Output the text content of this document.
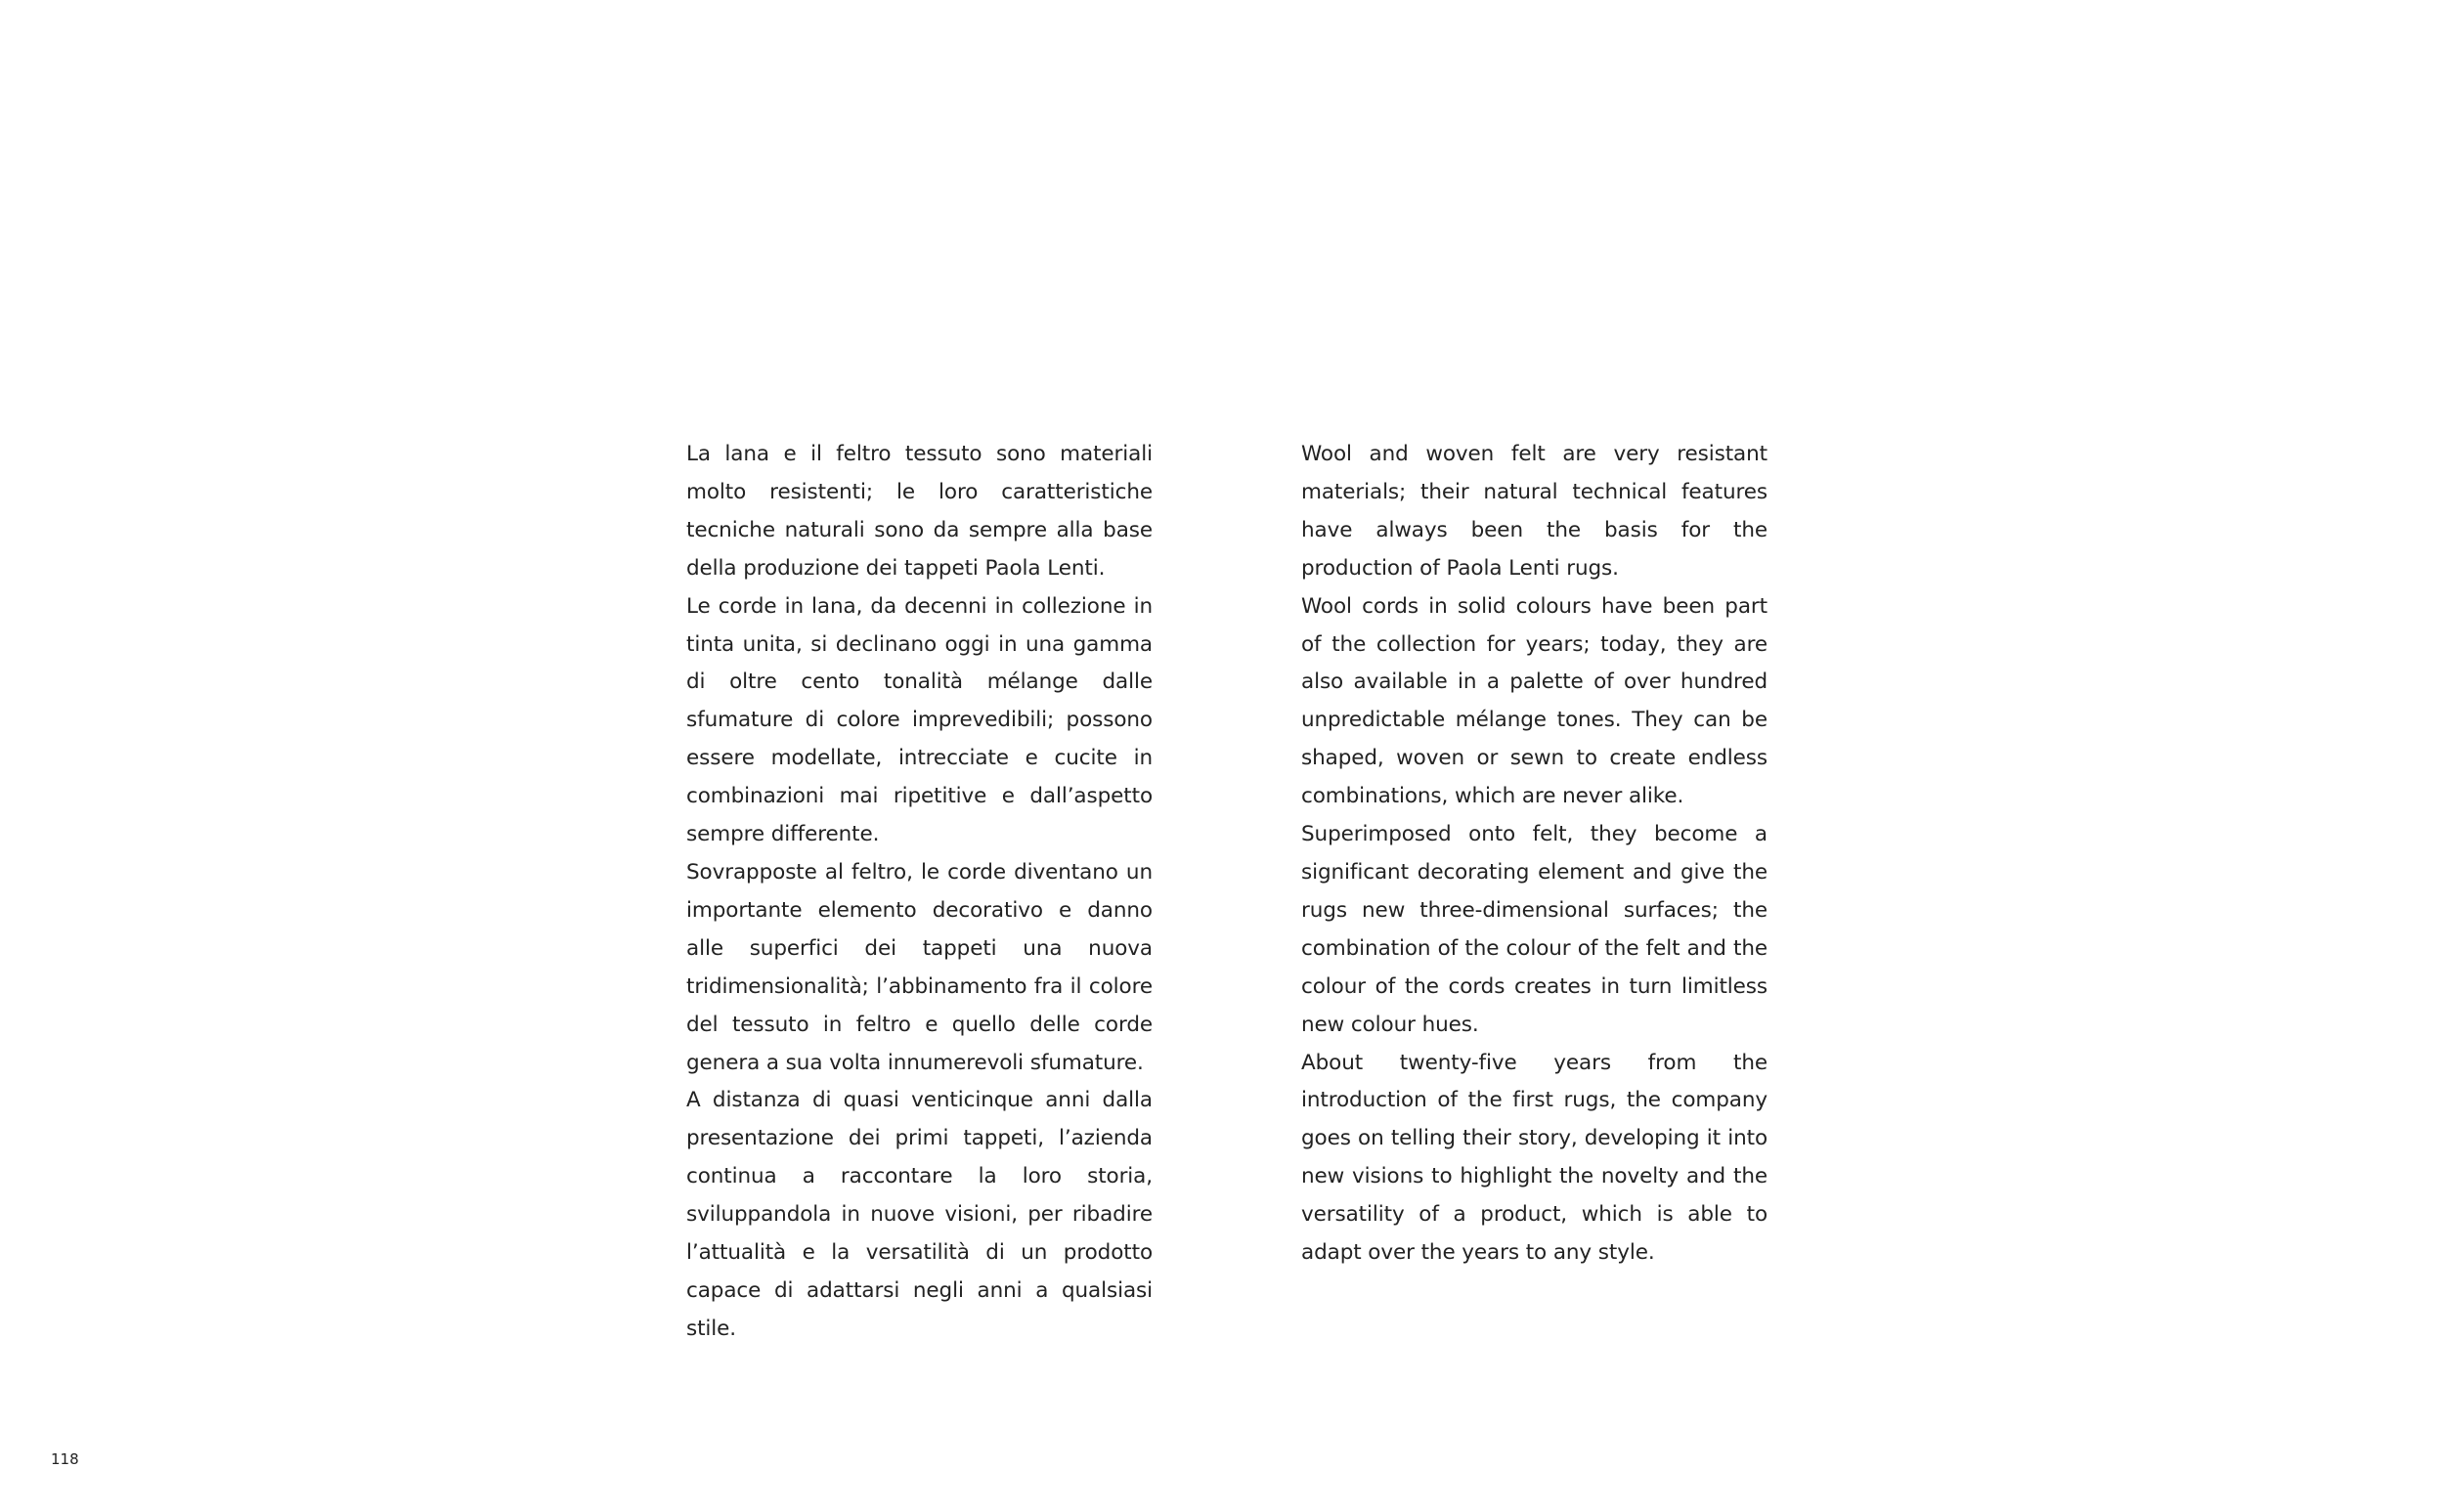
La lana e il feltro tessuto sono materiali molto resistenti; le loro caratteristiche tecniche naturali sono da sempre alla base della produzione dei tappeti Paola Lenti.

Le corde in lana, da decenni in collezione in tinta unita, si declinano oggi in una gamma di oltre cento tonalità mélange dalle sfumature di colore imprevedibili; possono essere modellate, intrecciate e cucite in combinazioni mai ripetitive e dall’aspetto sempre differente.

Sovrapposte al feltro, le corde diventano un importante elemento decorativo e danno alle superfici dei tappeti una nuova tridimensionalità; l’abbinamento fra il colore del tessuto in feltro e quello delle corde genera a sua volta innumerevoli sfumature.

A distanza di quasi venticinque anni dalla presentazione dei primi tappeti, l’azienda continua a raccontare la loro storia, sviluppandola in nuove visioni, per ribadire l’attualità e la versatilità di un prodotto capace di adattarsi negli anni a qualsiasi stile.

Wool and woven felt are very resistant materials; their natural technical features have always been the basis for the production of Paola Lenti rugs.

Wool cords in solid colours have been part of the collection for years; today, they are also available in a palette of over hundred unpredictable mélange tones. They can be shaped, woven or sewn to create endless combinations, which are never alike.

Superimposed onto felt, they become a significant decorating element and give the rugs new three-dimensional surfaces; the combination of the colour of the felt and the colour of the cords creates in turn limitless new colour hues.

About twenty-five years from the introduction of the first rugs, the company goes on telling their story, developing it into new visions to highlight the novelty and the versatility of a product, which is able to adapt over the years to any style.

118
